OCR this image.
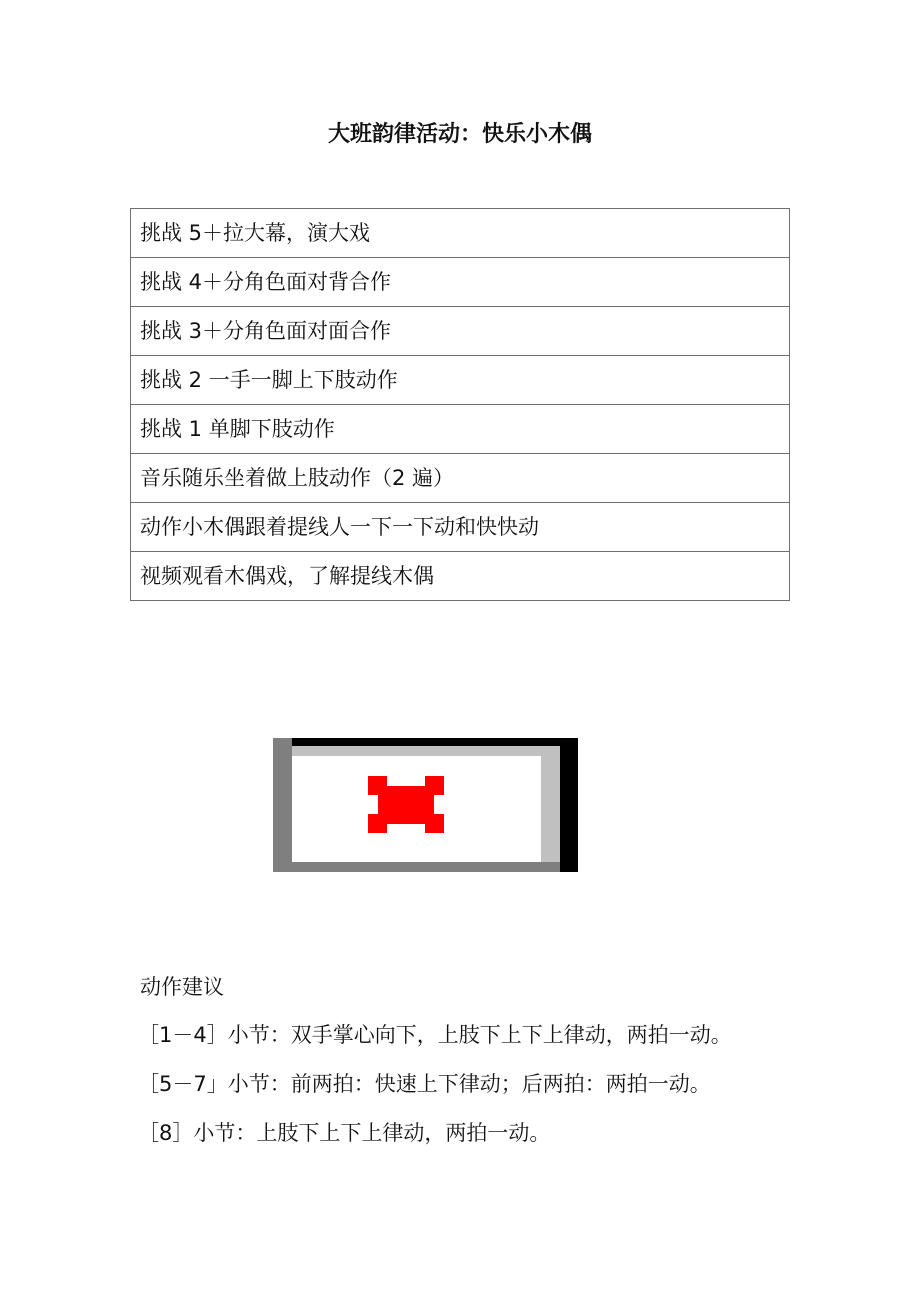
大班韵律活动：快乐小木偶
挑战 5＋拉大幕，演大戏
挑战 4＋分角色面对背合作
挑战 3＋分角色面对面合作
挑战 2 一手一脚上下肢动作
挑战 1 单脚下肢动作
音乐随乐坐着做上肢动作（2 遍）
动作小木偶跟着提线人一下一下动和快快动
视频观看木偶戏，了解提线木偶
动作建议
［1－4］小节：双手掌心向下，上肢下上下上律动，两拍一动。
［5－7」小节：前两拍：快速上下律动；后两拍：两拍一动。
［8］小节：上肢下上下上律动，两拍一动。
